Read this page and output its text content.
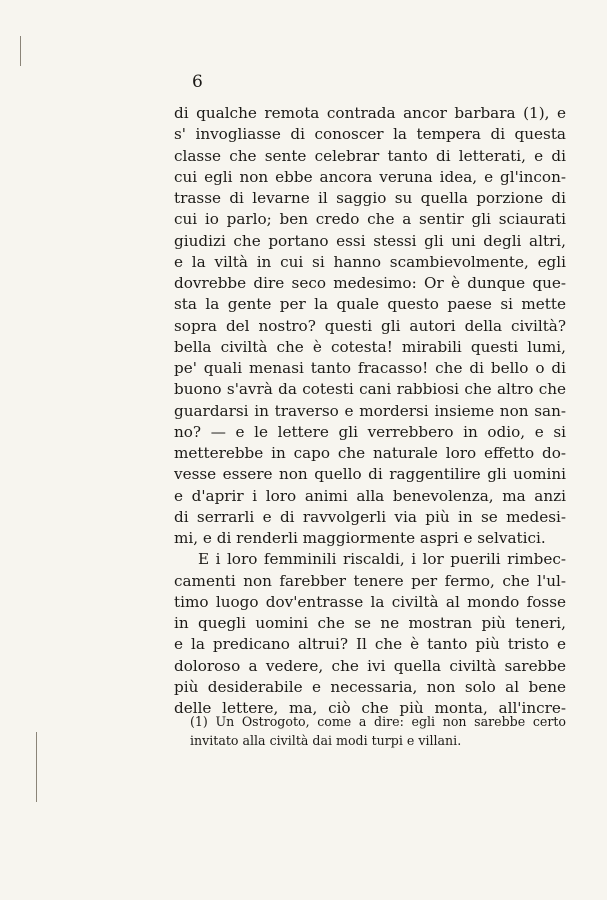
6
di qualche remota contrada ancor barbara (1), e
s' invogliasse di conoscer la tempera di questa
classe che sente celebrar tanto di letterati, e di
cui egli non ebbe ancora veruna idea, e gl'incon-
trasse di levarne il saggio su quella porzione di
cui io parlo; ben credo che a sentir gli sciaurati
giudizi che portano essi stessi gli uni degli altri,
e la viltà in cui si hanno scambievolmente, egli
dovrebbe dire seco medesimo: Or è dunque que-
sta la gente per la quale questo paese si mette
sopra del nostro? questi gli autori della civiltà?
bella civiltà che è cotesta! mirabili questi lumi,
pe' quali menasi tanto fracasso! che di bello o di
buono s'avrà da cotesti cani rabbiosi che altro che
guardarsi in traverso e mordersi insieme non san-
no? — e le lettere gli verrebbero in odio, e si
metterebbe in capo che naturale loro effetto do-
vesse essere non quello di raggentilire gli uomini
e d'aprir i loro animi alla benevolenza, ma anzi
di serrarli e di ravvolgerli via più in se medesi-
mi, e di renderli maggiormente aspri e selvatici.
E i loro femminili riscaldi, i lor puerili rimbec-
camenti non farebber tenere per fermo, che l'ul-
timo luogo dov'entrasse la civiltà al mondo fosse
in quegli uomini che se ne mostran più teneri,
e la predicano altrui? Il che è tanto più tristo e
doloroso a vedere, che ivi quella civiltà sarebbe
più desiderabile e necessaria, non solo al bene
delle lettere, ma, ciò che più monta, all'incre-
(1) Un Ostrogoto, come a dire: egli non sarebbe certo
invitato alla civiltà dai modi turpi e villani.
